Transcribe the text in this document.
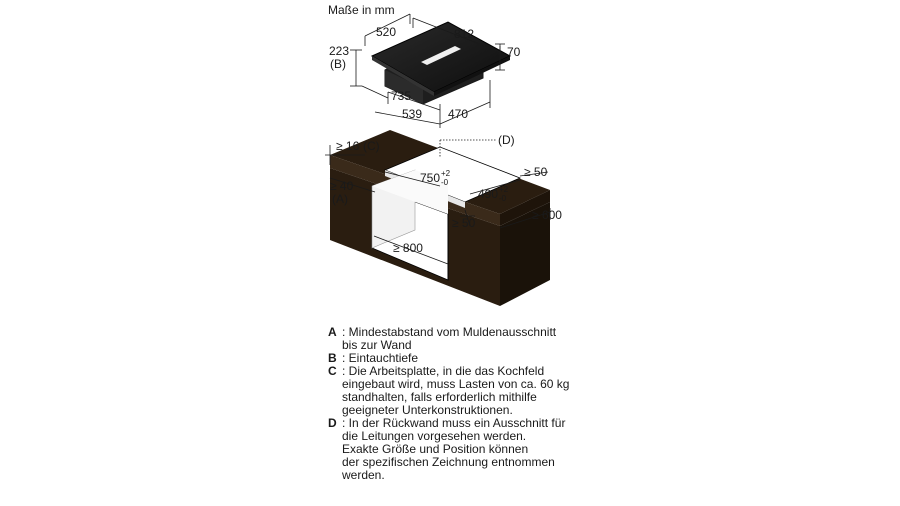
Maße in mm
520	812
70
223
(B)
735
539 470
(D)
≥ 16 (C)
750 +2
-0
490 +2
-0
≥ 50
≥ 40
(A)
≥ 50
≥ 600
≥ 800
A : Mindestabstand vom Muldenausschnitt
bis zur Wand
B : Eintauchtiefe
C : Die Arbeitsplatte, in die das Kochfeld
eingebaut wird, muss Lasten von ca. 60 kg
standhalten, falls erforderlich mithilfe
geeigneter Unterkonstruktionen.
D : In der Rückwand muss ein Ausschnitt für
die Leitungen vorgesehen werden.
Exakte Größe und Position können
der spezifischen Zeichnung entnommen
werden.
